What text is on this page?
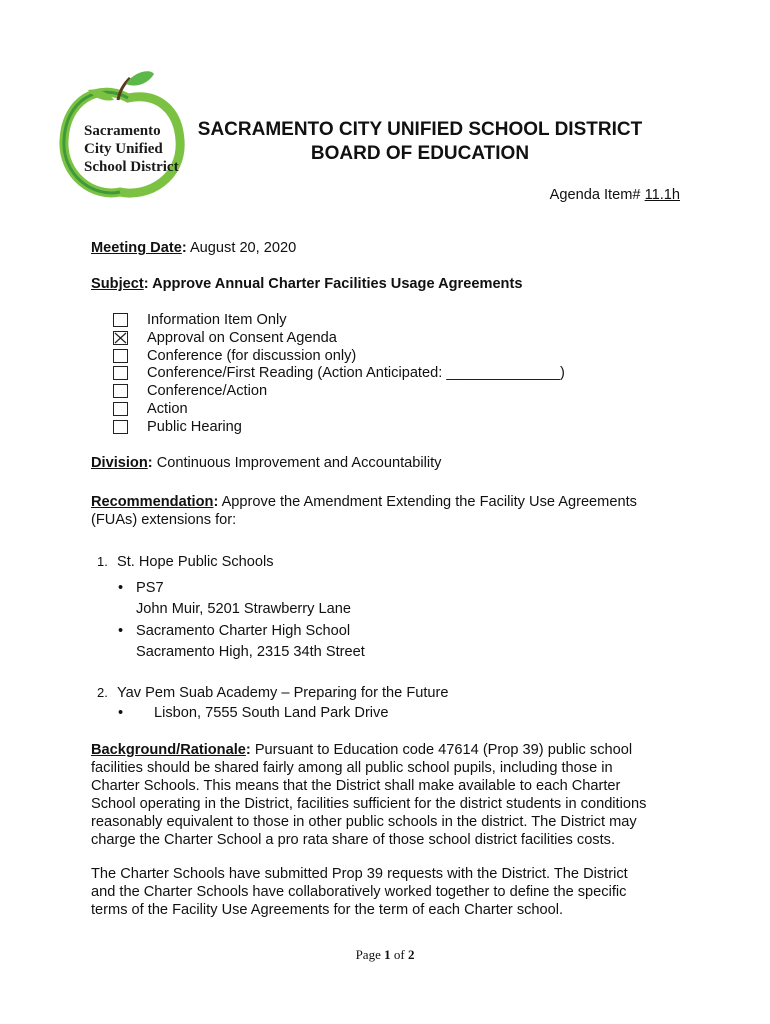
Sacramento
City Unified
School District
SACRAMENTO CITY UNIFIED SCHOOL DISTRICT
BOARD OF EDUCATION
Agenda Item# 11.1h
Meeting Date: August 20, 2020
Subject: Approve Annual Charter Facilities Usage Agreements
Information Item Only
Approval on Consent Agenda
Conference (for discussion only)
Conference/First Reading (Action Anticipated: ______________)
Conference/Action
Action
Public Hearing
Division: Continuous Improvement and Accountability
Recommendation: Approve the Amendment Extending the Facility Use Agreements
(FUAs) extensions for:
1. St. Hope Public Schools
• PS7
John Muir, 5201 Strawberry Lane
• Sacramento Charter High School
Sacramento High, 2315 34th Street
2. Yav Pem Suab Academy – Preparing for the Future
• Lisbon, 7555 South Land Park Drive
Background/Rationale: Pursuant to Education code 47614 (Prop 39) public school
facilities should be shared fairly among all public school pupils, including those in
Charter Schools. This means that the District shall make available to each Charter
School operating in the District, facilities sufficient for the district students in conditions
reasonably equivalent to those in other public schools in the district. The District may
charge the Charter School a pro rata share of those school district facilities costs.
The Charter Schools have submitted Prop 39 requests with the District. The District
and the Charter Schools have collaboratively worked together to define the specific
terms of the Facility Use Agreements for the term of each Charter school.
Page 1 of 2
